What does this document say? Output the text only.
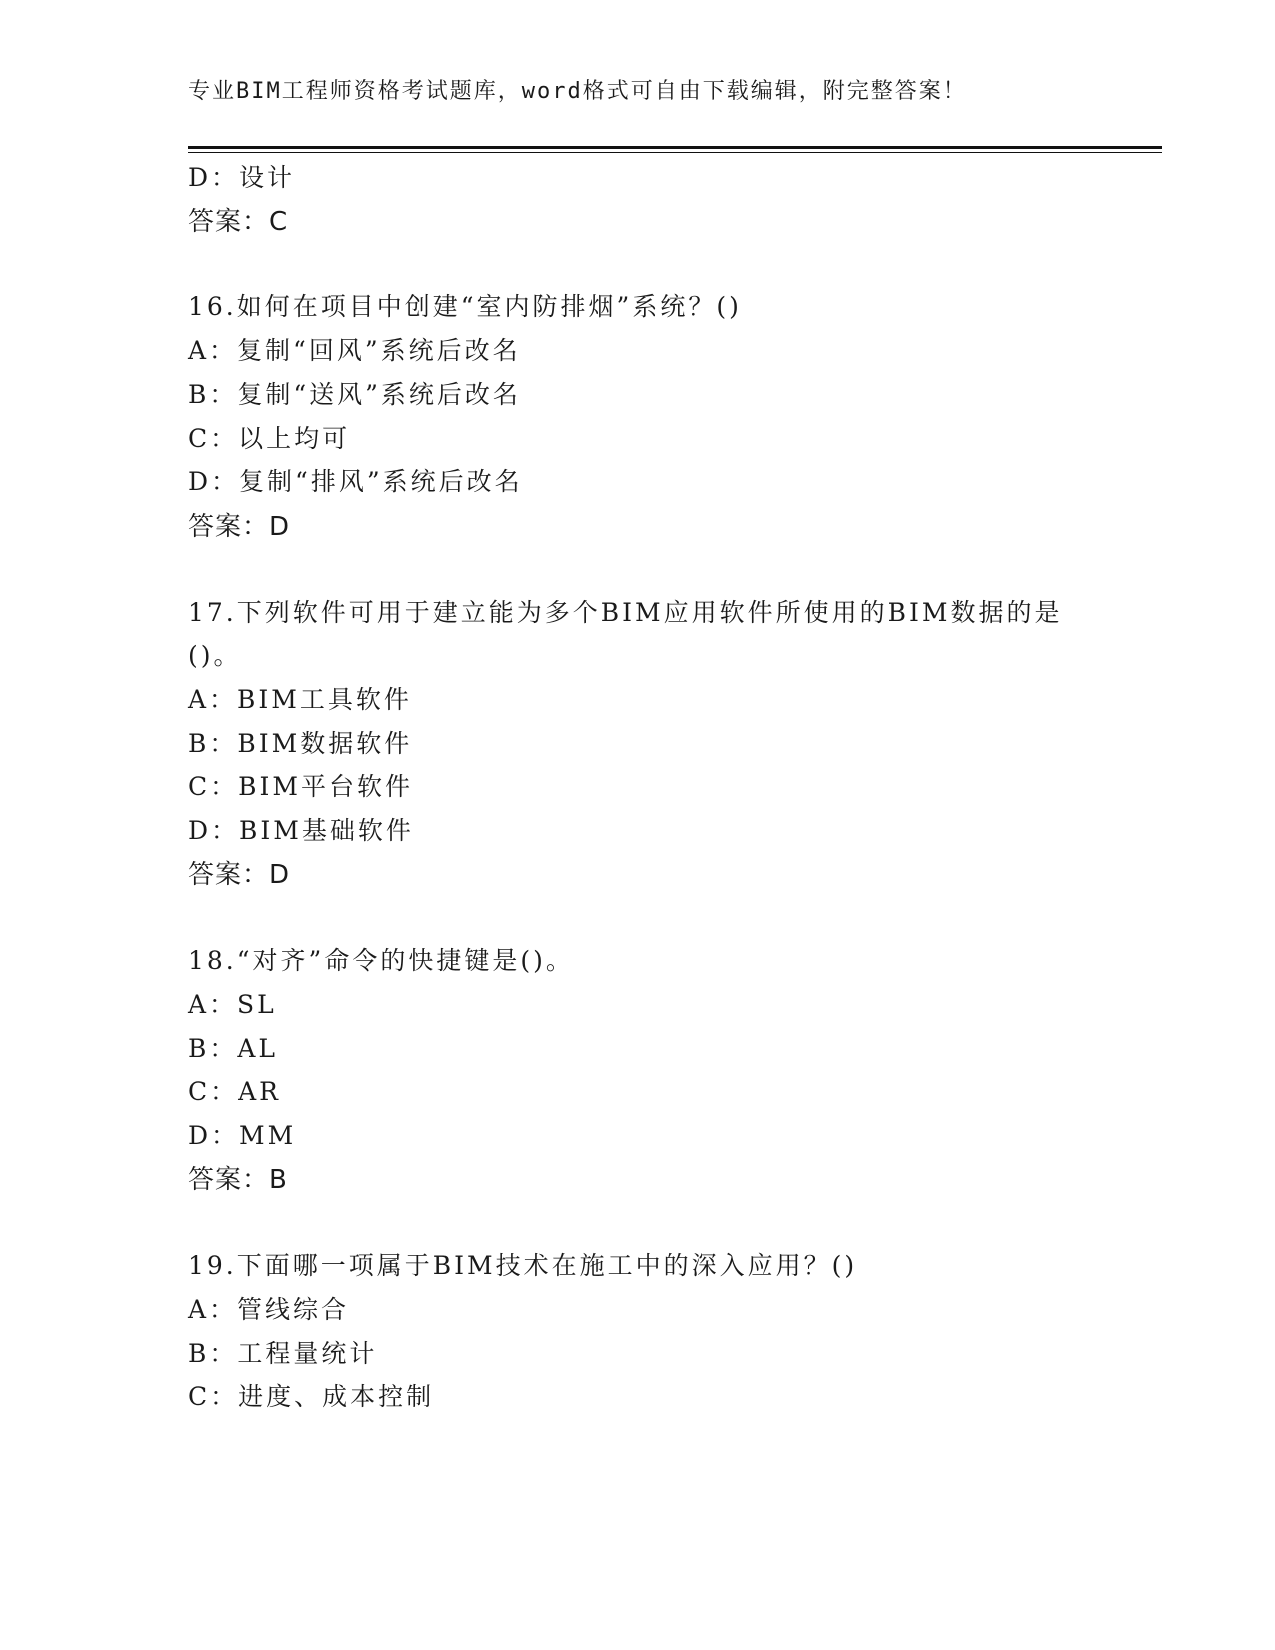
专业BIM工程师资格考试题库，word格式可自由下载编辑，附完整答案！
D：设计
答案：C
16.如何在项目中创建“室内防排烟”系统？()
A：复制“回风”系统后改名
B：复制“送风”系统后改名
C：以上均可
D：复制“排风”系统后改名
答案：D
17.下列软件可用于建立能为多个BIM应用软件所使用的BIM数据的是
()。
A：BIM工具软件
B：BIM数据软件
C：BIM平台软件
D：BIM基础软件
答案：D
18.“对齐”命令的快捷键是()。
A：SL
B：AL
C：AR
D：MM
答案：B
19.下面哪一项属于BIM技术在施工中的深入应用？()
A：管线综合
B：工程量统计
C：进度、成本控制
